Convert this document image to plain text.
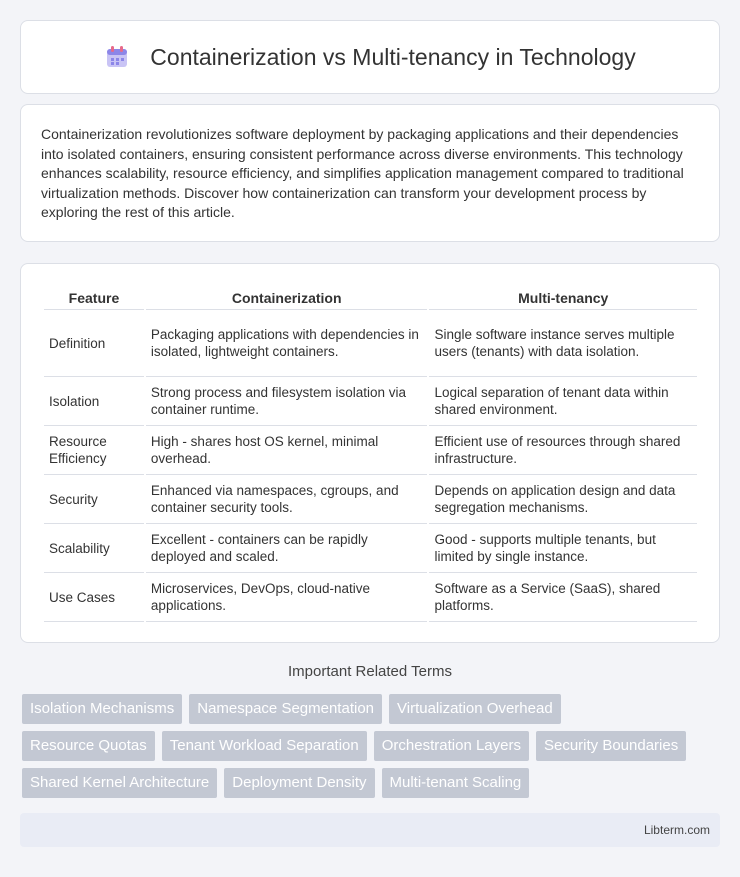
Containerization vs Multi-tenancy in Technology

Containerization revolutionizes software deployment by packaging applications and their dependencies into isolated containers, ensuring consistent performance across diverse environments. This technology enhances scalability, resource efficiency, and simplifies application management compared to traditional virtualization methods. Discover how containerization can transform your development process by exploring the rest of this article.

Feature	Containerization	Multi-tenancy
Definition	Packaging applications with dependencies in isolated, lightweight containers.	Single software instance serves multiple users (tenants) with data isolation.
Isolation	Strong process and filesystem isolation via container runtime.	Logical separation of tenant data within shared environment.
Resource Efficiency	High - shares host OS kernel, minimal overhead.	Efficient use of resources through shared infrastructure.
Security	Enhanced via namespaces, cgroups, and container security tools.	Depends on application design and data segregation mechanisms.
Scalability	Excellent - containers can be rapidly deployed and scaled.	Good - supports multiple tenants, but limited by single instance.
Use Cases	Microservices, DevOps, cloud-native applications.	Software as a Service (SaaS), shared platforms.
Important Related Terms
Isolation Mechanisms	Namespace Segmentation	Virtualization Overhead
Resource Quotas	Tenant Workload Separation	Orchestration Layers	Security Boundaries
Shared Kernel Architecture	Deployment Density	Multi-tenant Scaling
Libterm.com
